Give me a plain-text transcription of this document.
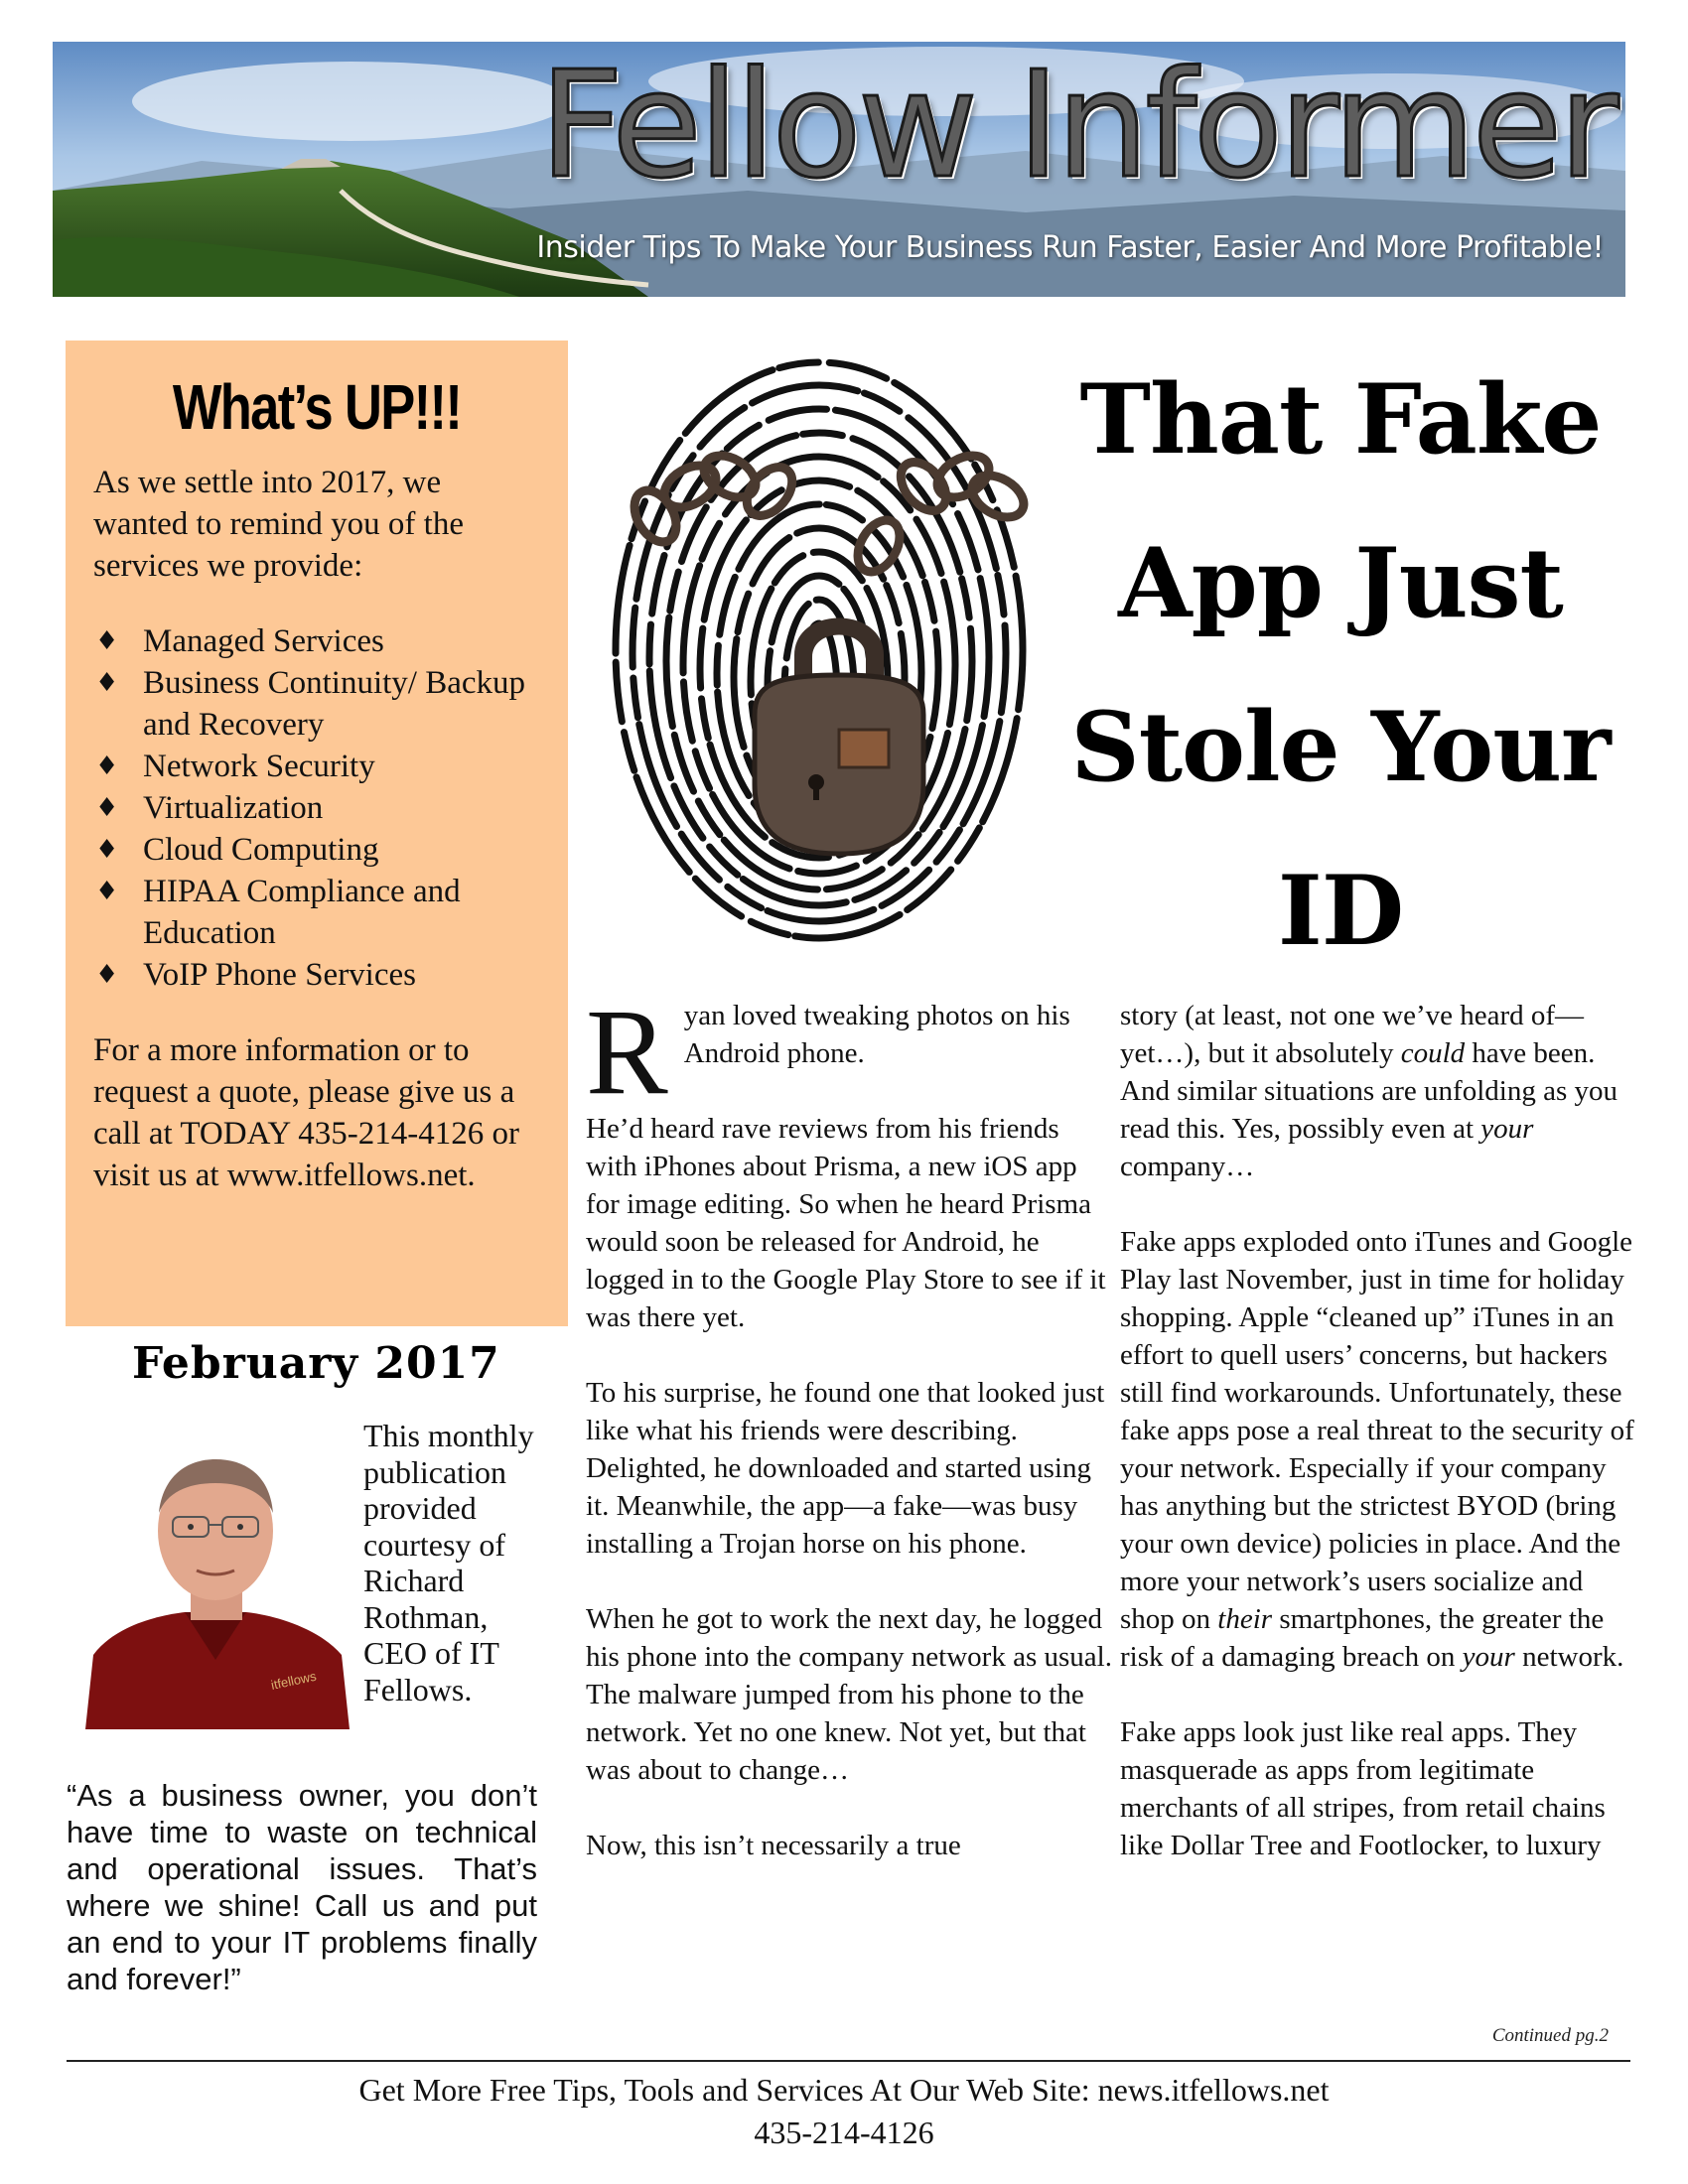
Fellow Informer

Insider Tips To Make Your Business Run Faster, Easier And More Profitable!

What’s UP!!!

As we settle into 2017, we wanted to remind you of the services we provide:

♦ Managed Services
♦ Business Continuity/ Backup and Recovery
♦ Network Security
♦ Virtualization
♦ Cloud Computing
♦ HIPAA Compliance and Education
♦ VoIP Phone Services

For a more information or to request a quote, please give us a call at TODAY 435-214-4126 or visit us at www.itfellows.net.

February 2017
itfellows

This monthly publication provided courtesy of Richard Rothman, CEO of IT Fellows.

“As a business owner, you don’t have time to waste on technical and operational issues. That’s where we shine! Call us and put an end to your IT problems finally and forever!”

That Fake App Just Stole Your ID

Ryan loved tweaking photos on his Android phone.

He’d heard rave reviews from his friends with iPhones about Prisma, a new iOS app for image editing. So when he heard Prisma would soon be released for Android, he logged in to the Google Play Store to see if it was there yet.

To his surprise, he found one that looked just like what his friends were describing. Delighted, he downloaded and started using it. Meanwhile, the app—a fake—was busy installing a Trojan horse on his phone.

When he got to work the next day, he logged his phone into the company network as usual. The malware jumped from his phone to the network. Yet no one knew. Not yet, but that was about to change…

Now, this isn’t necessarily a true

story (at least, not one we’ve heard of—yet…), but it absolutely could have been. And similar situations are unfolding as you read this. Yes, possibly even at your company…

Fake apps exploded onto iTunes and Google Play last November, just in time for holiday shopping. Apple “cleaned up” iTunes in an effort to quell users’ concerns, but hackers still find workarounds. Unfortunately, these fake apps pose a real threat to the security of your network. Especially if your company has anything but the strictest BYOD (bring your own device) policies in place. And the more your network’s users socialize and shop on their smartphones, the greater the risk of a damaging breach on your network.

Fake apps look just like real apps. They masquerade as apps from legitimate merchants of all stripes, from retail chains like Dollar Tree and Footlocker, to luxury

Continued pg.2

Get More Free Tips, Tools and Services At Our Web Site: news.itfellows.net

435-214-4126
